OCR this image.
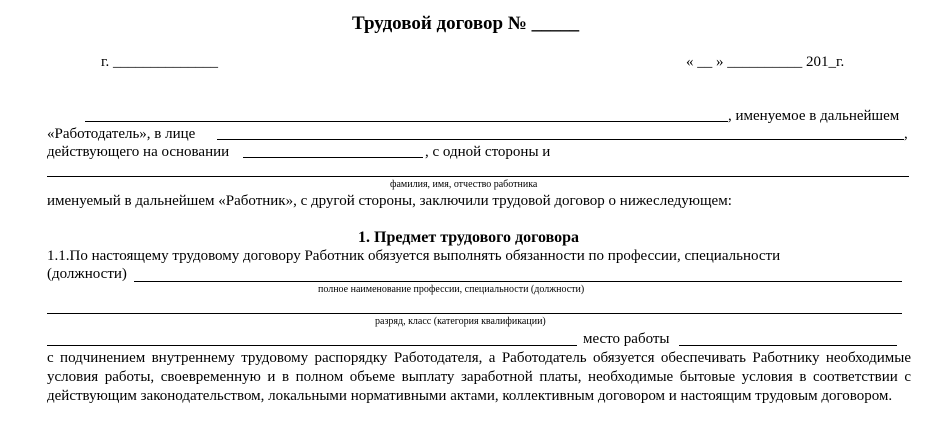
Трудовой договор № _____
г. ______________	« __ » __________ 201_г.
, именуемое в дальнейшем
«Работодатель», в лице	,
действующего на основании	, с одной стороны и
фамилия, имя, отчество работника
именуемый в дальнейшем «Работник», с другой стороны, заключили трудовой договор о нижеследующем:
1. Предмет трудового договора
1.1.По настоящему трудовому договору Работник обязуется выполнять обязанности по профессии, специальности
(должности)
полное наименование профессии, специальности (должности)
разряд, класс (категория квалификации)
место работы
с подчинением внутреннему трудовому распорядку Работодателя, а Работодатель обязуется обеспечивать Работнику необходимые условия работы, своевременную и в полном объеме выплату заработной платы, необходимые бытовые условия в соответствии с действующим законодательством, локальными нормативными актами, коллективным договором и настоящим трудовым договором.
